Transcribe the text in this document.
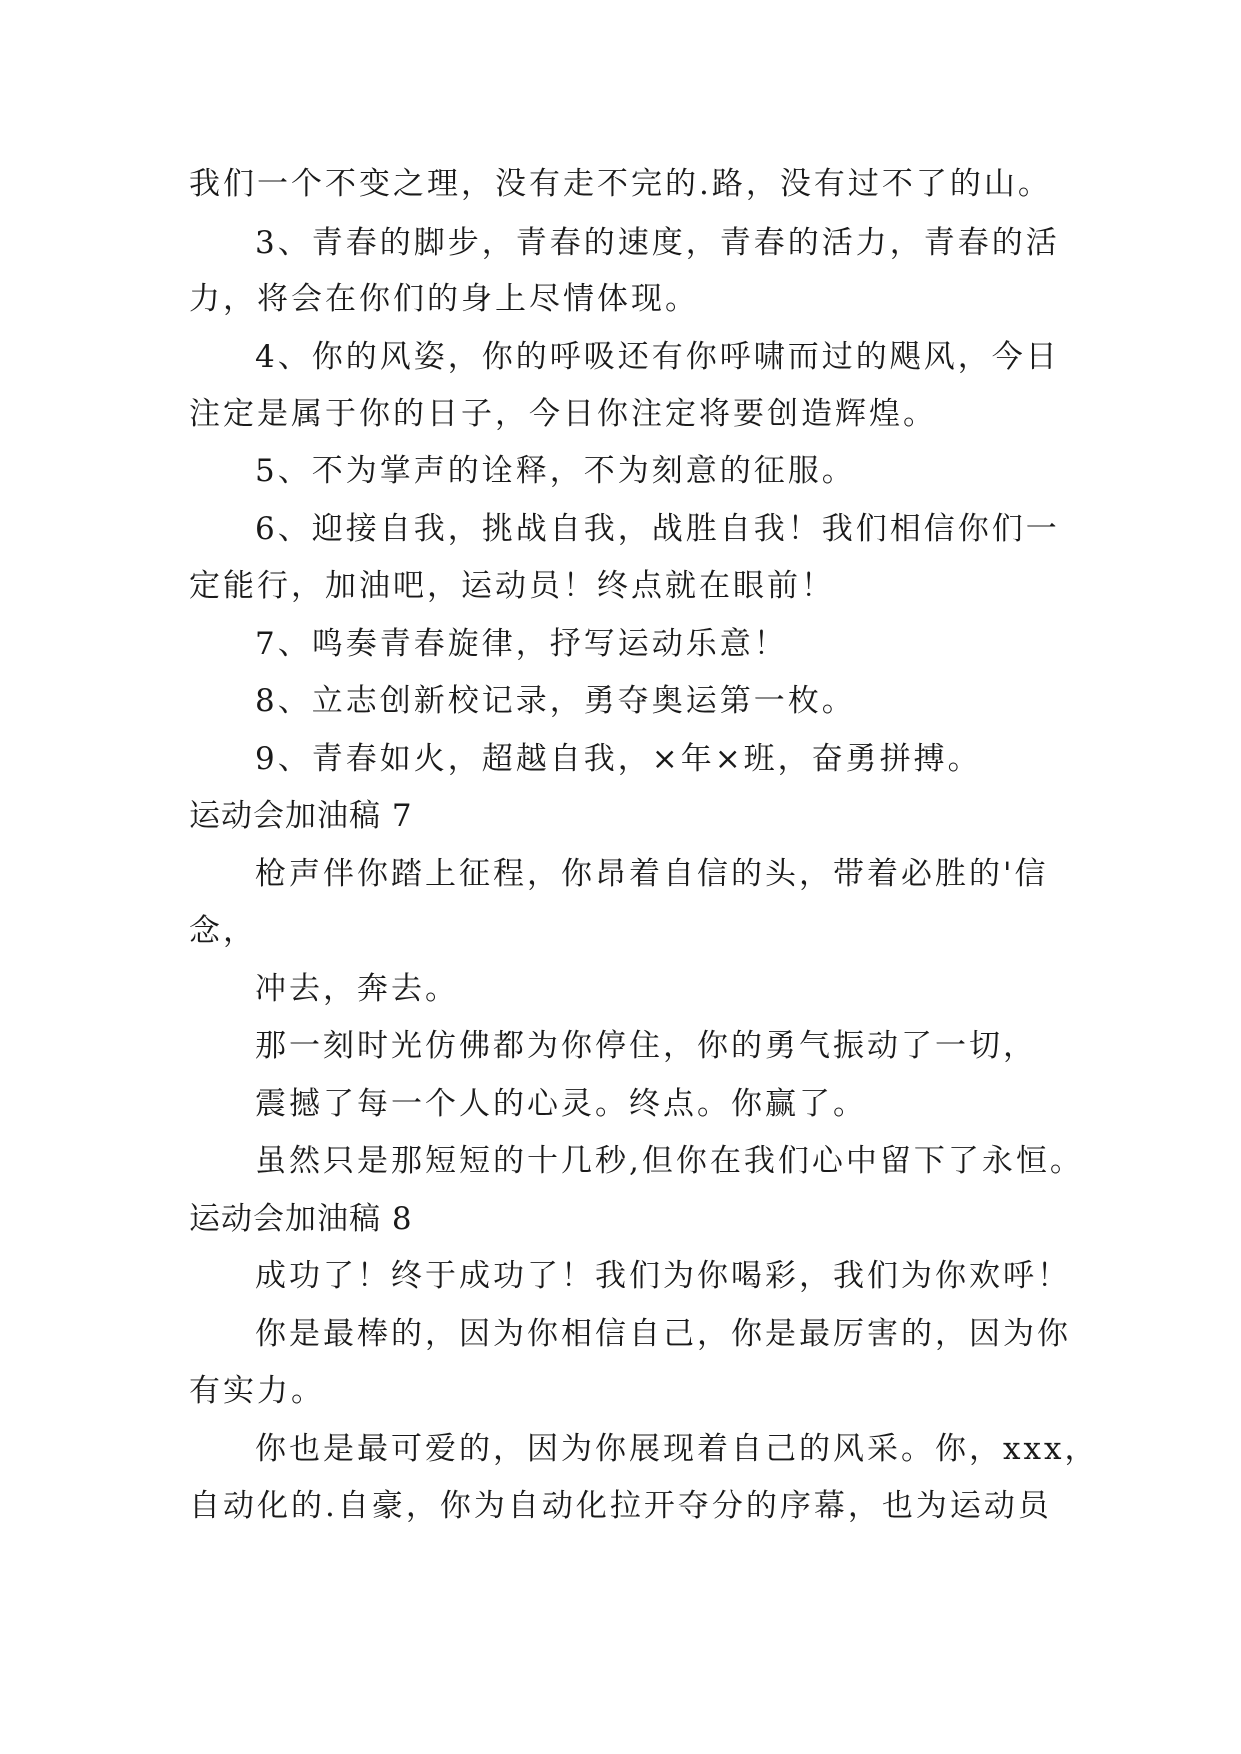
我们一个不变之理，没有走不完的.路，没有过不了的山。
3、青春的脚步，青春的速度，青春的活力，青春的活
力，将会在你们的身上尽情体现。
4、你的风姿，你的呼吸还有你呼啸而过的飓风，今日
注定是属于你的日子，今日你注定将要创造辉煌。
5、不为掌声的诠释，不为刻意的征服。
6、迎接自我，挑战自我，战胜自我！我们相信你们一
定能行，加油吧，运动员！终点就在眼前！
7、鸣奏青春旋律，抒写运动乐意！
8、立志创新校记录，勇夺奥运第一枚。
9、青春如火，超越自我，×年×班，奋勇拼搏。
运动会加油稿 7
枪声伴你踏上征程，你昂着自信的头，带着必胜的'信
念，
冲去，奔去。
那一刻时光仿佛都为你停住，你的勇气振动了一切，
震撼了每一个人的心灵。终点。你赢了。
虽然只是那短短的十几秒,但你在我们心中留下了永恒。
运动会加油稿 8
成功了！终于成功了！我们为你喝彩，我们为你欢呼！
你是最棒的，因为你相信自己，你是最厉害的，因为你
有实力。
你也是最可爱的，因为你展现着自己的风采。你，xxx，
自动化的.自豪，你为自动化拉开夺分的序幕，也为运动员
